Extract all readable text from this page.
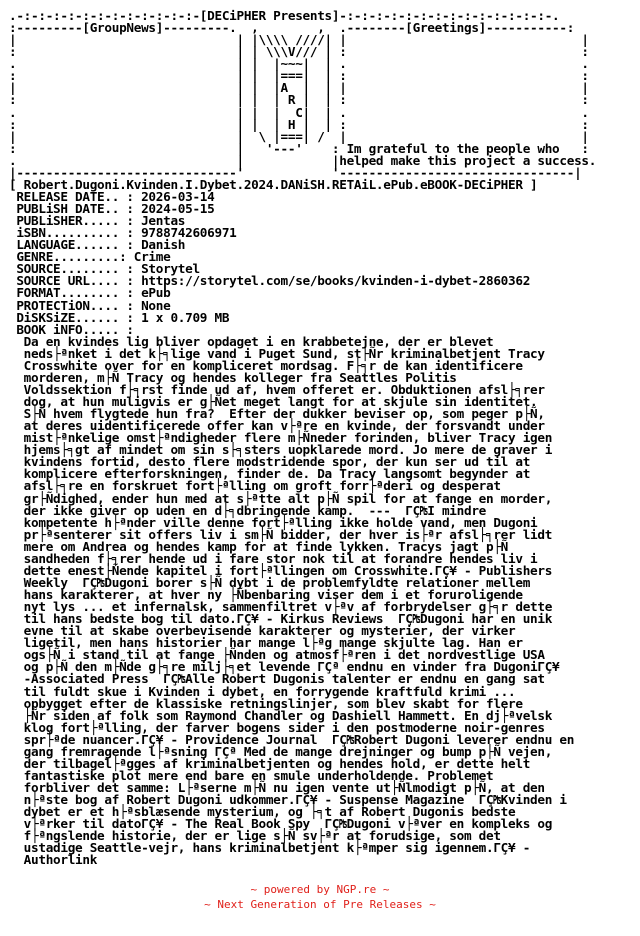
.-:-:-:-:-:-:-:-:-:-:-:-:-[DECiPHER Presents]-:-:-:-:-:-:-:-:-:-:-:-:-:-:-.
:---------[GroupNews]---------.  ,        ,  .--------[Greetings]-----------:
|                              | |\\\\ ////| |                                |
:                              | | \\\V/// | :                                :
.                              | |  |~~~|  | .                                .
:                              | |  |===|  | :                                :
|                              | |  |A  |  | |                                |
:                              | |  | R |  | :                                :
.                              | |  |  C|  | .                                .
:                              | |  | H |  | :                                :
|                              |  \ |===| /  |                                |
:                              |   '---'    : Im grateful to the people who   :
.                              |            |helped make this project a success.
|------------------------------'            '--------------------------------|
[ Robert.Dugoni.Kvinden.I.Dybet.2024.DANiSH.RETAiL.ePub.eBOOK-DECiPHER ]
RELEASE DATE.. : 2026-03-14
PUBLiSH DATE.. : 2024-05-15
PUBLiSHER..... : Jentas
iSBN.......... : 9788742606971
LANGUAGE...... : Danish
GENRE.........: Crime
SOURCE........ : Storytel
SOURCE URL.... : https://storytel.com/se/books/kvinden-i-dybet-2860362
FORMAT........ : ePub
PROTECTiON.... : None
DiSKSiZE...... : 1 x 0.709 MB
BOOK iNFO..... :
Da en kvindes lig bliver opdaget i en krabbetejne, der er blevet
neds├ªnket i det k├╕lige vand i Puget Sund, st├Ñr kriminalbetjent Tracy
Crosswhite over for en kompliceret mordsag. F├╕r de kan identificere
morderen, m├Ñ Tracy og hendes kolleger fra Seattles Politis
Voldssektion f├╕rst finde ud af, hvem offeret er. Obduktionen afsl├╕rer
dog, at hun muligvis er g├Ñet meget langt for at skjule sin identitet.
S├Ñ hvem flygtede hun fra?  Efter der dukker beviser op, som peger p├Ñ,
at deres uidentificerede offer kan v├ªre en kvinde, der forsvandt under
mist├ªnkelige omst├ªndigheder flere m├Ñneder forinden, bliver Tracy igen
hjems├╕gt af mindet om sin s├╕sters uopklarede mord. Jo mere de graver i
kvindens fortid, desto flere modstridende spor, der kun ser ud til at
komplicere efterforskningen, finder de. Da Tracy langsomt begynder at
afsl├╕re en forskruet fort├ªlling om groft forr├ªderi og desperat
gr├Ñdighed, ender hun med at s├ªtte alt p├Ñ spil for at fange en morder,
der ikke giver op uden en d├╕dbringende kamp.  ---  ΓÇ₧I mindre
kompetente h├ªnder ville denne fort├ªlling ikke holde vand, men Dugoni
pr├ªsenterer sit offers liv i sm├Ñ bidder, der hver is├ªr afsl├╕rer lidt
mere om Andrea og hendes kamp for at finde lykken. Tracys jagt p├Ñ
sandheden f├╕rer hende ud i fare stor nok til at forandre hendes liv i
dette enest├Ñende kapitel i fort├ªllingen om Crosswhite.ΓÇ¥ - Publishers
Weekly  ΓÇ₧Dugoni borer s├Ñ dybt i de problemfyldte relationer mellem
hans karakterer, at hver ny ├Ñbenbaring viser dem i et foruroligende
nyt lys ... et infernalsk, sammenfiltret v├ªv af forbrydelser g├╕r dette
til hans bedste bog til dato.ΓÇ¥ - Kirkus Reviews  ΓÇ₧Dugoni har en unik
evne til at skabe overbevisende karakterer og mysterier, der virker
ligetil, men hans historier har mange l├ªg mange skjulte lag. Han er
ogs├Ñ i stand til at fange ├Ñnden og atmosf├ªren i det nordvestlige USA
og p├Ñ den m├Ñde g├╕re milj├╕et levende ΓÇª endnu en vinder fra DugoniΓÇ¥
-Associated Press  ΓÇ₧Alle Robert Dugonis talenter er endnu en gang sat
til fuldt skue i Kvinden i dybet, en forrygende kraftfuld krimi ...
opbygget efter de klassiske retningslinjer, som blev skabt for flere
├Ñr siden af folk som Raymond Chandler og Dashiell Hammett. En dj├ªvelsk
klog fort├ªlling, der farver bogens sider i den postmoderne noir-genres
spr├ªde nuancer.ΓÇ¥ - Providence Journal  ΓÇ₧Robert Dugoni leverer endnu en
gang fremragende l├ªsning ΓÇª Med de mange drejninger og bump p├Ñ vejen,
der tilbagel├ªgges af kriminalbetjenten og hendes hold, er dette helt
fantastiske plot mere end bare en smule underholdende. Problemet
forbliver det samme: L├ªserne m├Ñ nu igen vente ut├Ñlmodigt p├Ñ, at den
n├ªste bog af Robert Dugoni udkommer.ΓÇ¥ - Suspense Magazine  ΓÇ₧Kvinden i
dybet er et h├ªsblæsende mysterium, og ├╕t af Robert Dugonis bedste
v├ªrker til datoΓÇ¥ - The Real Book Spy  ΓÇ₧Dugoni v├ªver en kompleks og
f├ªngslende historie, der er lige s├Ñ sv├ªr at forudsige, som det
ustadige Seattle-vejr, hans kriminalbetjent k├ªmper sig igennem.ΓÇ¥ -
Authorlink
~ powered by NGP.re ~
~ Next Generation of Pre Releases ~
